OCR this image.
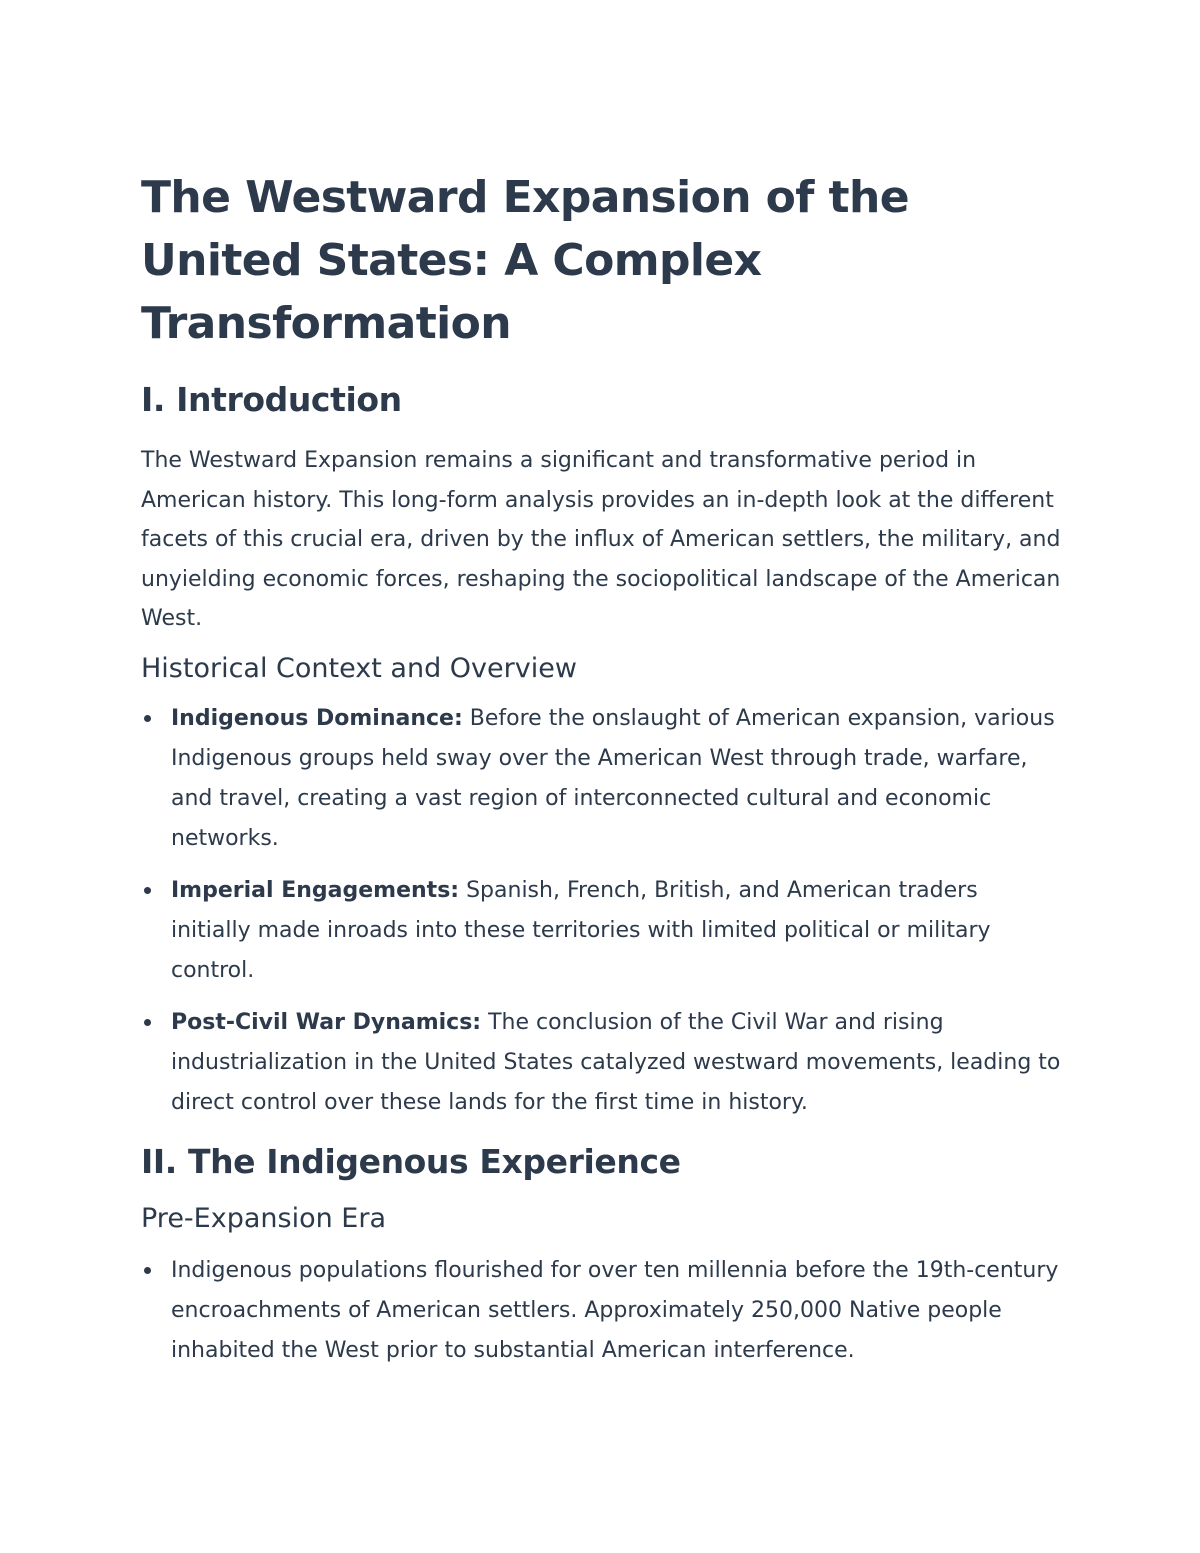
The Westward Expansion of the United States: A Complex Transformation
I. Introduction

The Westward Expansion remains a significant and transformative period in American history. This long-form analysis provides an in-depth look at the different facets of this crucial era, driven by the influx of American settlers, the military, and unyielding economic forces, reshaping the sociopolitical landscape of the American West.

Historical Context and Overview
Indigenous Dominance: Before the onslaught of American expansion, various Indigenous groups held sway over the American West through trade, warfare, and travel, creating a vast region of interconnected cultural and economic networks.
Imperial Engagements: Spanish, French, British, and American traders initially made inroads into these territories with limited political or military control.
Post-Civil War Dynamics: The conclusion of the Civil War and rising industrialization in the United States catalyzed westward movements, leading to direct control over these lands for the first time in history.
II. The Indigenous Experience
Pre-Expansion Era
Indigenous populations flourished for over ten millennia before the 19th-century encroachments of American settlers. Approximately 250,000 Native people inhabited the West prior to substantial American interference.
